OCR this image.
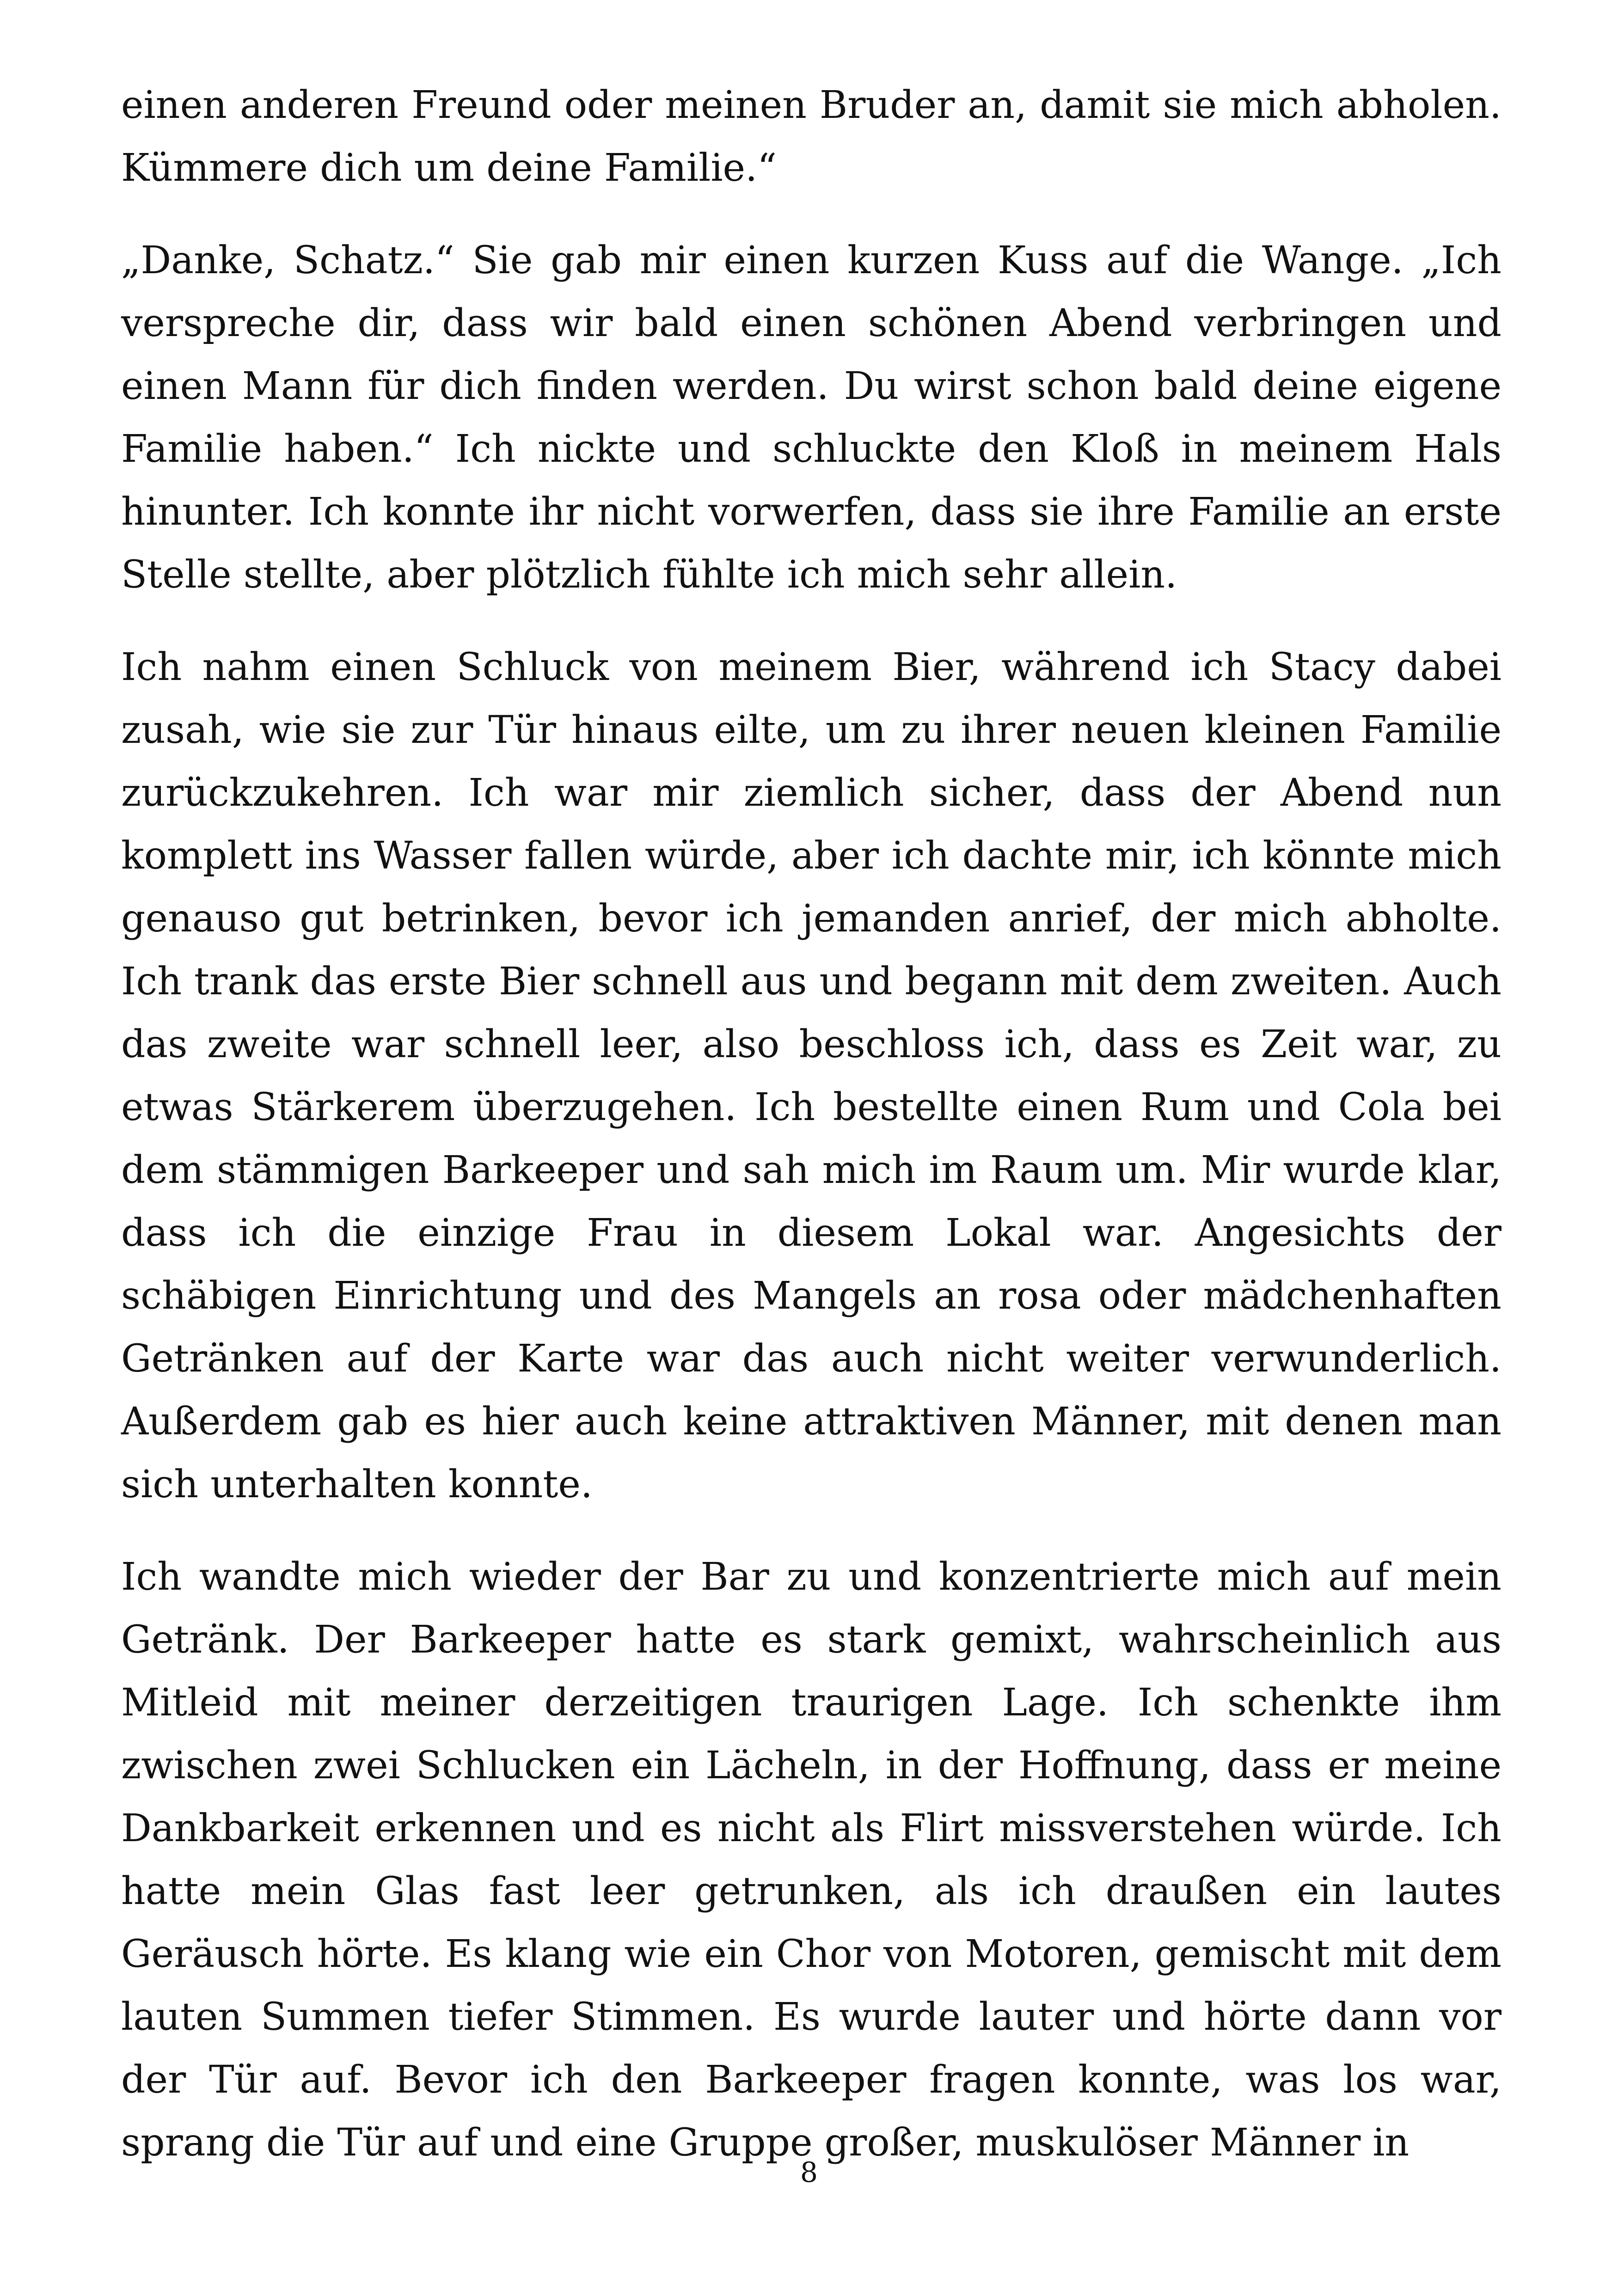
einen anderen Freund oder meinen Bruder an, damit sie mich abholen. Kümmere dich um deine Familie.“

„Danke, Schatz.“ Sie gab mir einen kurzen Kuss auf die Wange. „Ich verspreche dir, dass wir bald einen schönen Abend verbringen und einen Mann für dich finden werden. Du wirst schon bald deine eigene Familie haben.“ Ich nickte und schluckte den Kloß in meinem Hals hinunter. Ich konnte ihr nicht vorwerfen, dass sie ihre Familie an erste Stelle stellte, aber plötzlich fühlte ich mich sehr allein.

Ich nahm einen Schluck von meinem Bier, während ich Stacy dabei zusah, wie sie zur Tür hinaus eilte, um zu ihrer neuen kleinen Familie zurückzukehren. Ich war mir ziemlich sicher, dass der Abend nun komplett ins Wasser fallen würde, aber ich dachte mir, ich könnte mich genauso gut betrinken, bevor ich jemanden anrief, der mich abholte. Ich trank das erste Bier schnell aus und begann mit dem zweiten. Auch das zweite war schnell leer, also beschloss ich, dass es Zeit war, zu etwas Stärkerem überzugehen. Ich bestellte einen Rum und Cola bei dem stämmigen Barkeeper und sah mich im Raum um. Mir wurde klar, dass ich die einzige Frau in diesem Lokal war. Angesichts der schäbigen Einrichtung und des Mangels an rosa oder mädchenhaften Getränken auf der Karte war das auch nicht weiter verwunderlich. Außerdem gab es hier auch keine attraktiven Männer, mit denen man sich unterhalten konnte.

Ich wandte mich wieder der Bar zu und konzentrierte mich auf mein Getränk. Der Barkeeper hatte es stark gemixt, wahrscheinlich aus Mitleid mit meiner derzeitigen traurigen Lage. Ich schenkte ihm zwischen zwei Schlucken ein Lächeln, in der Hoffnung, dass er meine Dankbarkeit erkennen und es nicht als Flirt missverstehen würde. Ich hatte mein Glas fast leer getrunken, als ich draußen ein lautes Geräusch hörte. Es klang wie ein Chor von Motoren, gemischt mit dem lauten Summen tiefer Stimmen. Es wurde lauter und hörte dann vor der Tür auf. Bevor ich den Barkeeper fragen konnte, was los war, sprang die Tür auf und eine Gruppe großer, muskulöser Männer in

8
